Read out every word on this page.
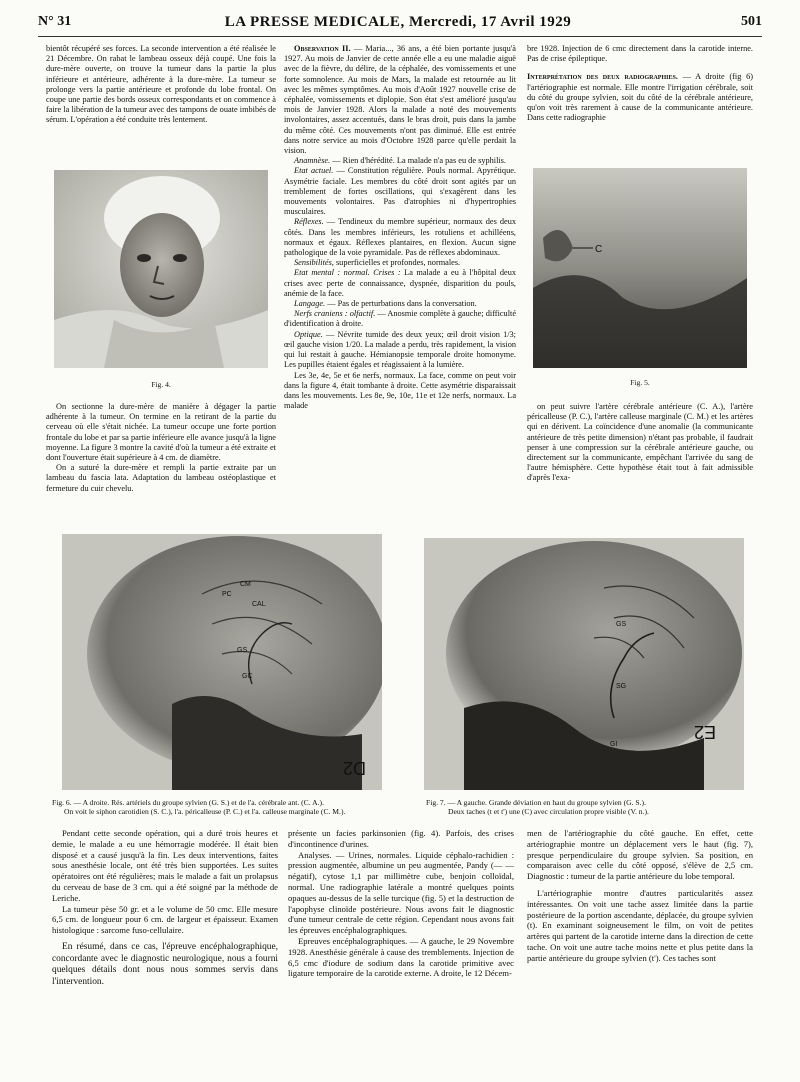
N° 31	LA PRESSE MEDICALE, Mercredi, 17 Avril 1929	501

bientôt récupéré ses forces. La seconde intervention a été réalisée le 21 Décembre. On rabat le lambeau osseux déjà coupé. Une fois la dure-mère ouverte, on trouve la tumeur dans la partie la plus inférieure et antérieure, adhérente à la dure-mère. La tumeur se prolonge vers la partie antérieure et profonde du lobe frontal. On coupe une partie des bords osseux correspondants et on commence à faire la libération de la tumeur avec des tampons de ouate imbibés de sérum. L'opération a été conduite très lentement.

Fig. 4.

On sectionne la dure-mère de manière à dégager la partie adhérente à la tumeur. On termine en la retirant de la partie du cerveau où elle s'était nichée. La tumeur occupe une forte portion frontale du lobe et par sa partie inférieure elle avance jusqu'à la ligne moyenne. La figure 3 montre la cavité d'où la tumeur a été extraite et dont l'ouverture était supérieure à 4 cm. de diamètre.

On a suturé la dure-mère et rempli la partie extraite par un lambeau du fascia lata. Adaptation du lambeau ostéoplastique et fermeture du cuir chevelu.

Observation II. — Maria..., 36 ans, a été bien portante jusqu'à 1927. Au mois de Janvier de cette année elle a eu une maladie aiguë avec de la fièvre, du délire, de la céphalée, des vomissements et une forte somnolence. Au mois de Mars, la malade est retournée au lit avec les mêmes symptômes. Au mois d'Août 1927 nouvelle crise de céphalée, vomissements et diplopie. Son état s'est amélioré jusqu'au mois de Janvier 1928. Alors la malade a noté des mouvements involontaires, assez accentués, dans le bras droit, puis dans la jambe du même côté. Ces mouvements n'ont pas diminué. Elle est entrée dans notre service au mois d'Octobre 1928 parce qu'elle perdait la vision.

Anamnèse. — Rien d'hérédité. La malade n'a pas eu de syphilis.

Etat actuel. — Constitution régulière. Pouls normal. Apyrétique. Asymétrie faciale. Les membres du côté droit sont agités par un tremblement de fortes oscillations, qui s'exagèrent dans les mouvements volontaires. Pas d'atrophies ni d'hypertrophies musculaires.

Réflexes. — Tendineux du membre supérieur, normaux des deux côtés. Dans les membres inférieurs, les rotuliens et achilléens, normaux et égaux. Réflexes plantaires, en flexion. Aucun signe pathologique de la voie pyramidale. Pas de réflexes abdominaux.

Sensibilités, superficielles et profondes, normales.

Etat mental : normal. Crises : La malade a eu à l'hôpital deux crises avec perte de connaissance, dyspnée, disparition du pouls, anémie de la face.

Langage. — Pas de perturbations dans la conversation.

Nerfs craniens : olfactif. — Anosmie complète à gauche; difficulté d'identification à droite.

Optique. — Névrite tumide des deux yeux; œil droit vision 1/3; œil gauche vision 1/20. La malade a perdu, très rapidement, la vision qui lui restait à gauche. Hémianopsie temporale droite homonyme. Les pupilles étaient égales et réagissaient à la lumière.

Les 3e, 4e, 5e et 6e nerfs, normaux. La face, comme on peut voir dans la figure 4, était tombante à droite. Cette asymétrie disparaissait dans les mouvements. Les 8e, 9e, 10e, 11e et 12e nerfs, normaux. La malade

bre 1928. Injection de 6 cmc directement dans la carotide interne. Pas de crise épileptique.

Interprétation des deux radiographies. — A droite (fig 6) l'artériographie est normale. Elle montre l'irrigation cérébrale, soit du côté du groupe sylvien, soit du côté de la cérébrale antérieure, qu'on voit très rarement à cause de la communicante antérieure. Dans cette radiographie

C
Fig. 5.

on peut suivre l'artère cérébrale antérieure (C. A.), l'artère péricalleuse (P. C.), l'artère calleuse marginale (C. M.) et les artères qui en dérivent. La coïncidence d'une anomalie (la communicante antérieure de très petite dimension) n'étant pas probable, il faudrait penser à une compression sur la cérébrale antérieure gauche, ou directement sur la communicante, empêchant l'arrivée du sang de l'autre hémisphère. Cette hypothèse était tout à fait admissible d'après l'exa-

CM
PC
CAL
GS
GC
D2
Fig. 6. — A droite. Rés. artériels du groupe sylvien (G. S.) et de l'a. cérébrale ant. (C. A.).
On voit le siphon carotidien (S. C.), l'a. péricalleuse (P. C.) et l'a. calleuse marginale (C. M.).
GS
SG
GI
E2
Fig. 7. — A gauche. Grande déviation en haut du groupe sylvien (G. S.).
Deux taches (t et t') une (C) avec circulation propre visible (V. n.).

Pendant cette seconde opération, qui a duré trois heures et demie, le malade a eu une hémorragie modérée. Il était bien disposé et a causé jusqu'à la fin. Les deux interventions, faites sous anesthésie locale, ont été très bien supportées. Les suites opératoires ont été régulières; mais le malade a fait un prolapsus du cerveau de base de 3 cm. qui a été soigné par la méthode de Leriche.

La tumeur pèse 50 gr. et a le volume de 50 cmc. Elle mesure 6,5 cm. de longueur pour 6 cm. de largeur et épaisseur. Examen histologique : sarcome fuso-cellulaire.

En résumé, dans ce cas, l'épreuve encéphalographique, concordante avec le diagnostic neurologique, nous a fourni quelques détails dont nous nous sommes servis dans l'intervention.

présente un facies parkinsonien (fig. 4). Parfois, des crises d'incontinence d'urines.

Analyses. — Urines, normales. Liquide céphalo-rachidien : pression augmentée, albumine un peu augmentée, Pandy (— — négatif), cytose 1,1 par millimètre cube, benjoin colloïdal, normal. Une radiographie latérale a montré quelques points opaques au-dessus de la selle turcique (fig. 5) et la destruction de l'apophyse clinoïde postérieure. Nous avons fait le diagnostic d'une tumeur centrale de cette région. Cependant nous avons fait les épreuves encéphalographiques.

Epreuves encéphalographiques. — A gauche, le 29 Novembre 1928. Anesthésie générale à cause des tremblements. Injection de 6,5 cmc d'iodure de sodium dans la carotide primitive avec ligature temporaire de la carotide externe. A droite, le 12 Décem-

men de l'artériographie du côté gauche. En effet, cette artériographie montre un déplacement vers le haut (fig. 7), presque perpendiculaire du groupe sylvien. Sa position, en comparaison avec celle du côté opposé, s'élève de 2,5 cm. Diagnostic : tumeur de la partie antérieure du lobe temporal.

L'artériographie montre d'autres particularités assez intéressantes. On voit une tache assez limitée dans la partie postérieure de la portion ascendante, déplacée, du groupe sylvien (t). En examinant soigneusement le film, on voit de petites artères qui partent de la carotide interne dans la direction de cette tache. On voit une autre tache moins nette et plus petite dans la partie antérieure du groupe sylvien (t'). Ces taches sont
